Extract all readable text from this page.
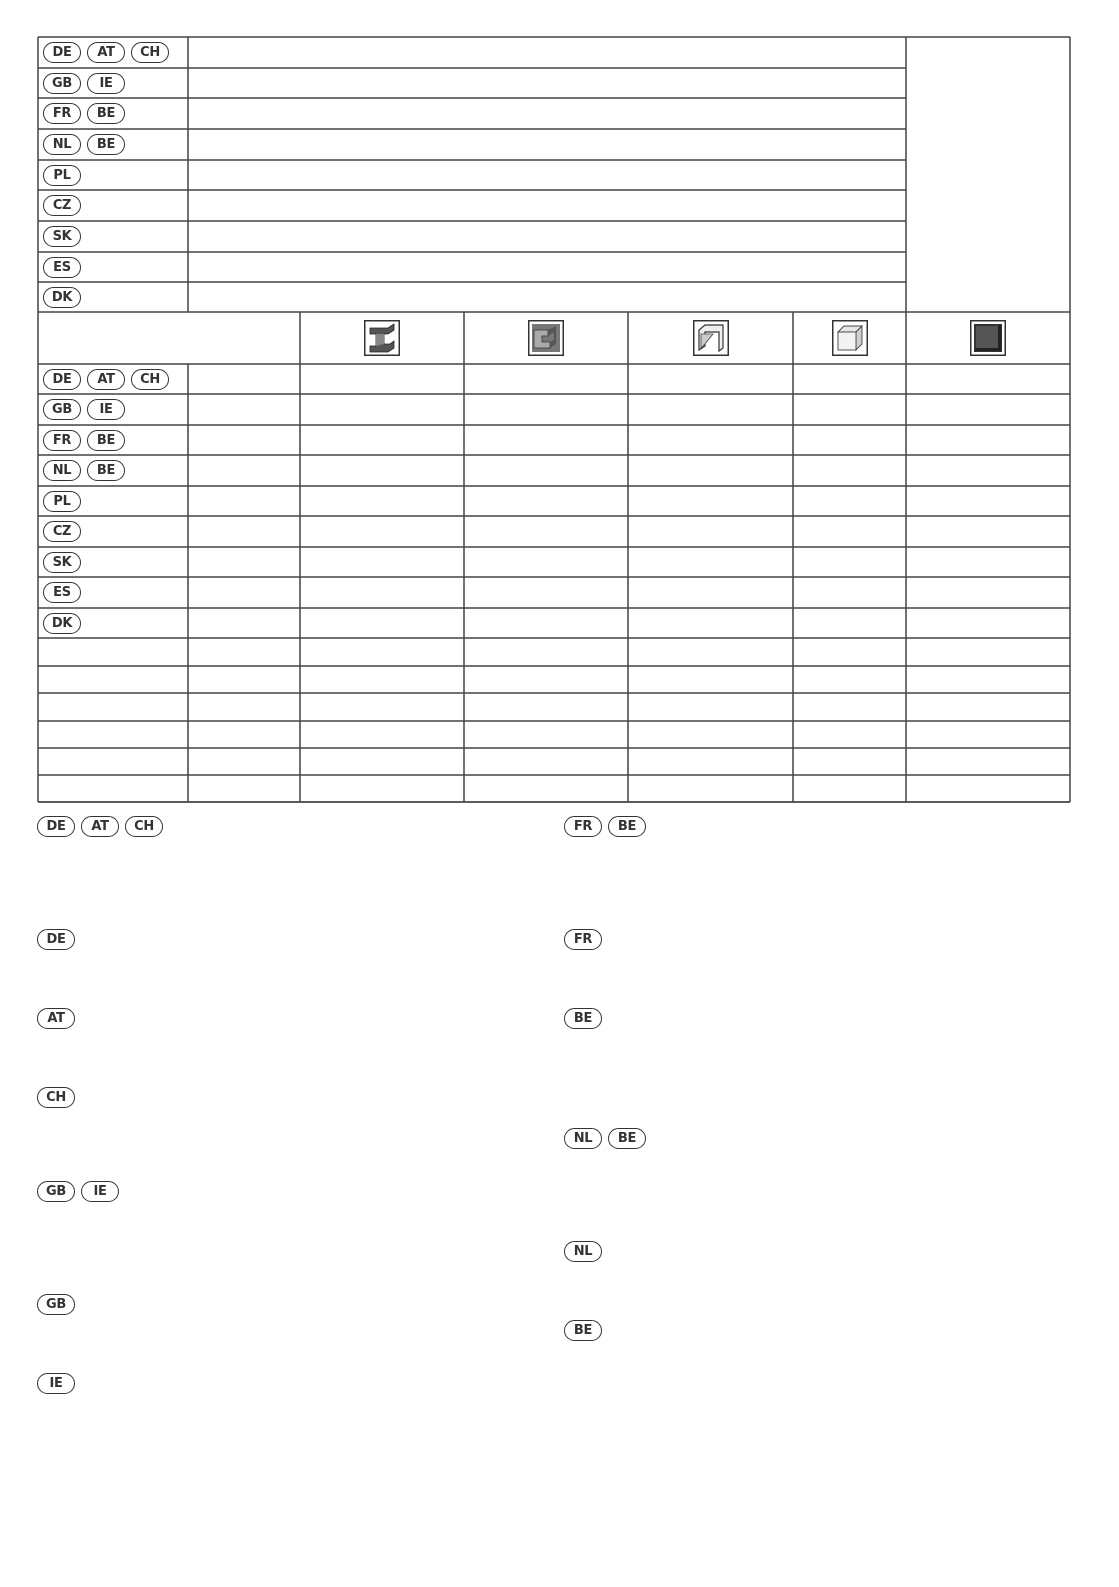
DE	AT	CH
GB	IE
FR	BE
NL	BE
PL
CZ
SK
ES
DK
DE	AT	CH
GB	IE
FR	BE
NL	BE
PL
CZ
SK
ES
DK
DE	AT	CH
DE
AT
CH
GB	IE
GB
IE
FR	BE
FR
BE
NL	BE
NL
BE
